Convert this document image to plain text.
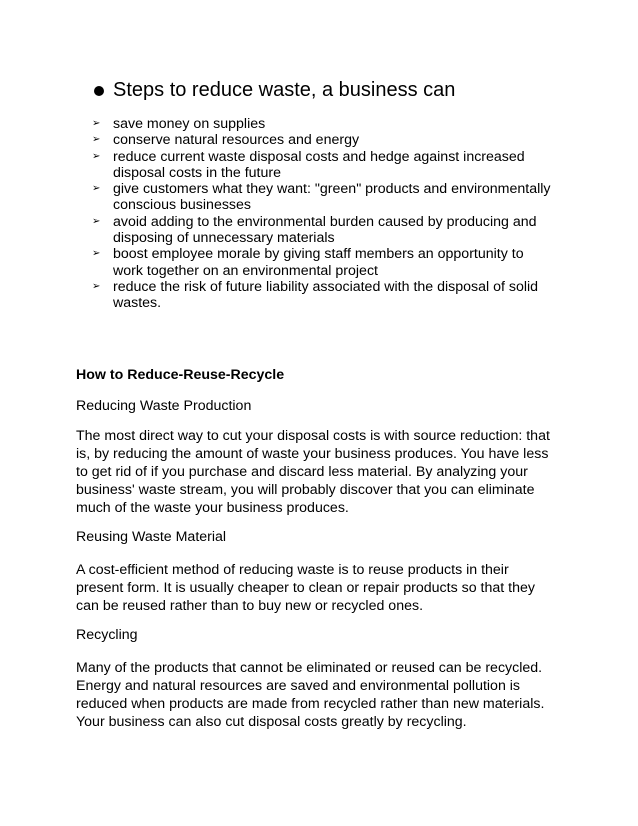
Steps to reduce waste, a business can
➢ save money on supplies
➢ conserve natural resources and energy
➢ reduce current waste disposal costs and hedge against increased
disposal costs in the future
➢ give customers what they want: "green" products and environmentally
conscious businesses
➢ avoid adding to the environmental burden caused by producing and
disposing of unnecessary materials
➢ boost employee morale by giving staff members an opportunity to
work together on an environmental project
➢ reduce the risk of future liability associated with the disposal of solid
wastes.
How to Reduce-Reuse-Recycle
Reducing Waste Production
The most direct way to cut your disposal costs is with source reduction: that
is, by reducing the amount of waste your business produces. You have less
to get rid of if you purchase and discard less material. By analyzing your
business' waste stream, you will probably discover that you can eliminate
much of the waste your business produces.
Reusing Waste Material
A cost-efficient method of reducing waste is to reuse products in their
present form. It is usually cheaper to clean or repair products so that they
can be reused rather than to buy new or recycled ones.
Recycling
Many of the products that cannot be eliminated or reused can be recycled.
Energy and natural resources are saved and environmental pollution is
reduced when products are made from recycled rather than new materials.
Your business can also cut disposal costs greatly by recycling.
